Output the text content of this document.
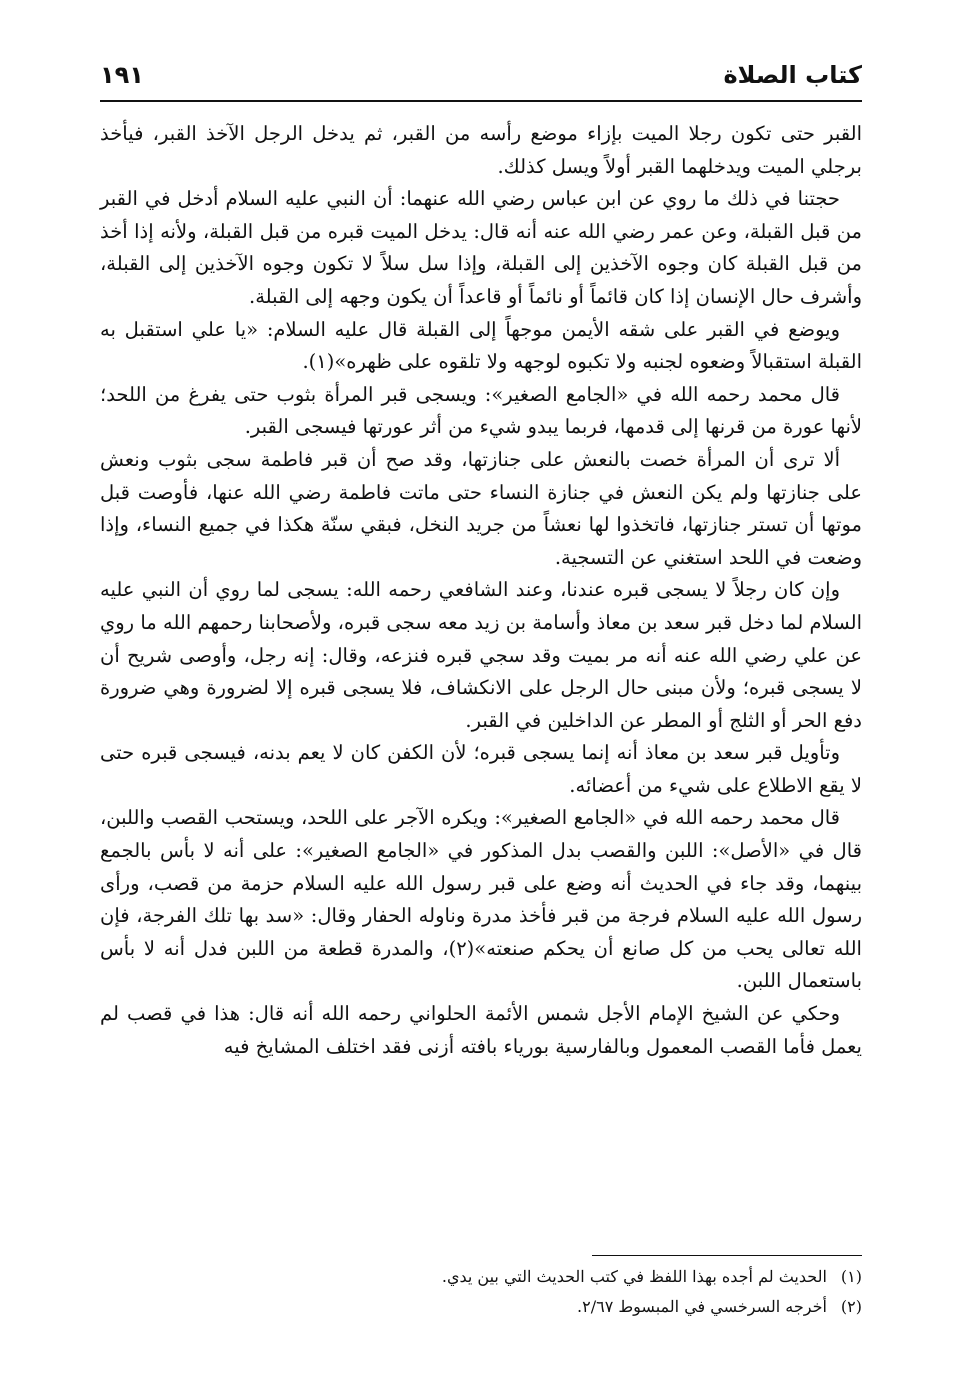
كتاب الصلاة
١٩١

القبر حتى تكون رجلا الميت بإزاء موضع رأسه من القبر، ثم يدخل الرجل الآخذ القبر، فيأخذ برجلي الميت ويدخلهما القبر أولاً ويسل كذلك.

حجتنا في ذلك ما روي عن ابن عباس رضي الله عنهما: أن النبي عليه السلام أدخل في القبر من قبل القبلة، وعن عمر رضي الله عنه أنه قال: يدخل الميت قبره من قبل القبلة، ولأنه إذا أخذ من قبل القبلة كان وجوه الآخذين إلى القبلة، وإذا سل سلاً لا تكون وجوه الآخذين إلى القبلة، وأشرف حال الإنسان إذا كان قائماً أو نائماً أو قاعداً أن يكون وجهه إلى القبلة.

ويوضع في القبر على شقه الأيمن موجهاً إلى القبلة قال عليه السلام: «يا علي استقبل به القبلة استقبالاً وضعوه لجنبه ولا تكبوه لوجهه ولا تلقوه على ظهره»(١).

قال محمد رحمه الله في «الجامع الصغير»: ويسجى قبر المرأة بثوب حتى يفرغ من اللحد؛ لأنها عورة من قرنها إلى قدمها، فربما يبدو شيء من أثر عورتها فيسجى القبر.

ألا ترى أن المرأة خصت بالنعش على جنازتها، وقد صح أن قبر فاطمة سجى بثوب ونعش على جنازتها ولم يكن النعش في جنازة النساء حتى ماتت فاطمة رضي الله عنها، فأوصت قبل موتها أن تستر جنازتها، فاتخذوا لها نعشاً من جريد النخل، فبقي سنّة هكذا في جميع النساء، وإذا وضعت في اللحد استغني عن التسجية.

وإن كان رجلاً لا يسجى قبره عندنا، وعند الشافعي رحمه الله: يسجى لما روي أن النبي عليه السلام لما دخل قبر سعد بن معاذ وأسامة بن زيد معه سجى قبره، ولأصحابنا رحمهم الله ما روي عن علي رضي الله عنه أنه مر بميت وقد سجي قبره فنزعه، وقال: إنه رجل، وأوصى شريح أن لا يسجى قبره؛ ولأن مبنى حال الرجل على الانكشاف، فلا يسجى قبره إلا لضرورة وهي ضرورة دفع الحر أو الثلج أو المطر عن الداخلين في القبر.

وتأويل قبر سعد بن معاذ أنه إنما يسجى قبره؛ لأن الكفن كان لا يعم بدنه، فيسجى قبره حتى لا يقع الاطلاع على شيء من أعضائه.

قال محمد رحمه الله في «الجامع الصغير»: ويكره الآجر على اللحد، ويستحب القصب واللبن، قال في «الأصل»: اللبن والقصب بدل المذكور في «الجامع الصغير»: على أنه لا بأس بالجمع بينهما، وقد جاء في الحديث أنه وضع على قبر رسول الله عليه السلام حزمة من قصب، ورأى رسول الله عليه السلام فرجة من قبر فأخذ مدرة وناوله الحفار وقال: «سد بها تلك الفرجة، فإن الله تعالى يحب من كل صانع أن يحكم صنعته»(٢)، والمدرة قطعة من اللبن فدل أنه لا بأس باستعمال اللبن.

وحكي عن الشيخ الإمام الأجل شمس الأئمة الحلواني رحمه الله أنه قال: هذا في قصب لم يعمل فأما القصب المعمول وبالفارسية بورياء بافته أزنى فقد اختلف المشايخ فيه

(١)الحديث لم أجده بهذا اللفظ في كتب الحديث التي بين يدي.

(٢)أخرجه السرخسي في المبسوط ٢/٦٧.
